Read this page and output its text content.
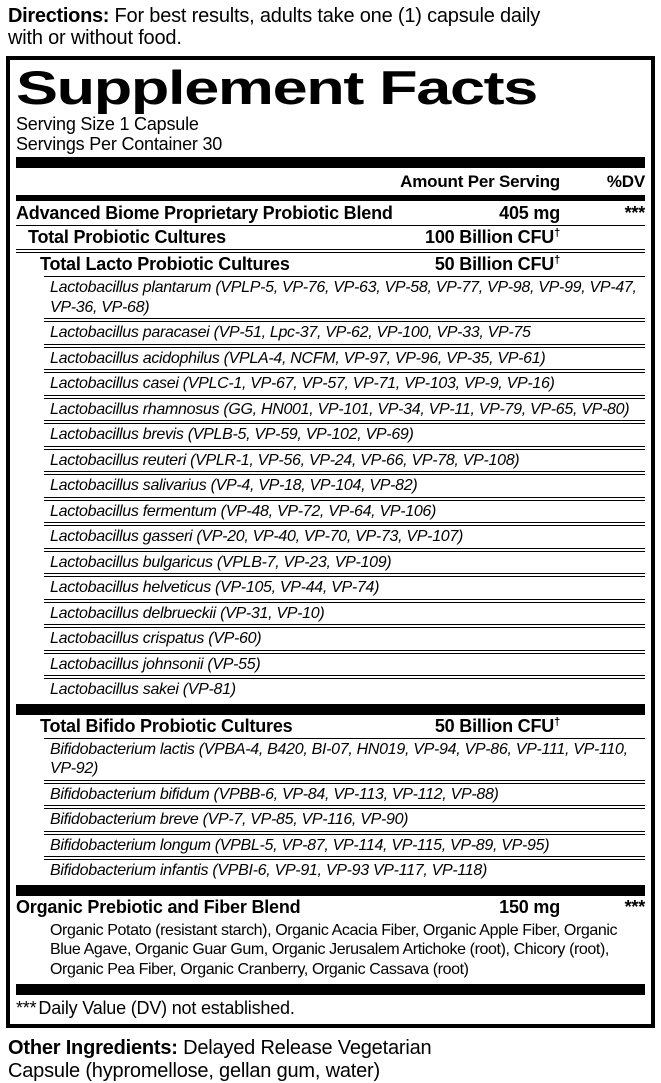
Directions: For best results, adults take one (1) capsule daily with or without food.

Supplement Facts
Serving Size 1 Capsule
Servings Per Container 30
Amount Per Serving	%DV
Advanced Biome Proprietary Probiotic Blend	405 mg	***
Total Probiotic Cultures	100 Billion CFU†
Total Lacto Probiotic Cultures	50 Billion CFU†
Lactobacillus plantarum (VPLP-5, VP-76, VP-63, VP-58, VP-77, VP-98, VP-99, VP-47, VP-36, VP-68)
Lactobacillus paracasei (VP-51, Lpc-37, VP-62, VP-100, VP-33, VP-75
Lactobacillus acidophilus (VPLA-4, NCFM, VP-97, VP-96, VP-35, VP-61)
Lactobacillus casei (VPLC-1, VP-67, VP-57, VP-71, VP-103, VP-9, VP-16)
Lactobacillus rhamnosus (GG, HN001, VP-101, VP-34, VP-11, VP-79, VP-65, VP-80)
Lactobacillus brevis (VPLB-5, VP-59, VP-102, VP-69)
Lactobacillus reuteri (VPLR-1, VP-56, VP-24, VP-66, VP-78, VP-108)
Lactobacillus salivarius (VP-4, VP-18, VP-104, VP-82)
Lactobacillus fermentum (VP-48, VP-72, VP-64, VP-106)
Lactobacillus gasseri (VP-20, VP-40, VP-70, VP-73, VP-107)
Lactobacillus bulgaricus (VPLB-7, VP-23, VP-109)
Lactobacillus helveticus (VP-105, VP-44, VP-74)
Lactobacillus delbrueckii (VP-31, VP-10)
Lactobacillus crispatus (VP-60)
Lactobacillus johnsonii (VP-55)
Lactobacillus sakei (VP-81)
Total Bifido Probiotic Cultures	50 Billion CFU†
Bifidobacterium lactis (VPBA-4, B420, BI-07, HN019, VP-94, VP-86, VP-111, VP-110, VP-92)
Bifidobacterium bifidum (VPBB-6, VP-84, VP-113, VP-112, VP-88)
Bifidobacterium breve (VP-7, VP-85, VP-116, VP-90)
Bifidobacterium longum (VPBL-5, VP-87, VP-114, VP-115, VP-89, VP-95)
Bifidobacterium infantis (VPBI-6, VP-91, VP-93 VP-117, VP-118)
Organic Prebiotic and Fiber Blend	150 mg	***
Organic Potato (resistant starch), Organic Acacia Fiber, Organic Apple Fiber, Organic Blue Agave, Organic Guar Gum, Organic Jerusalem Artichoke (root), Chicory (root), Organic Pea Fiber, Organic Cranberry, Organic Cassava (root)
*** Daily Value (DV) not established.

Other Ingredients: Delayed Release Vegetarian Capsule (hypromellose, gellan gum, water)
